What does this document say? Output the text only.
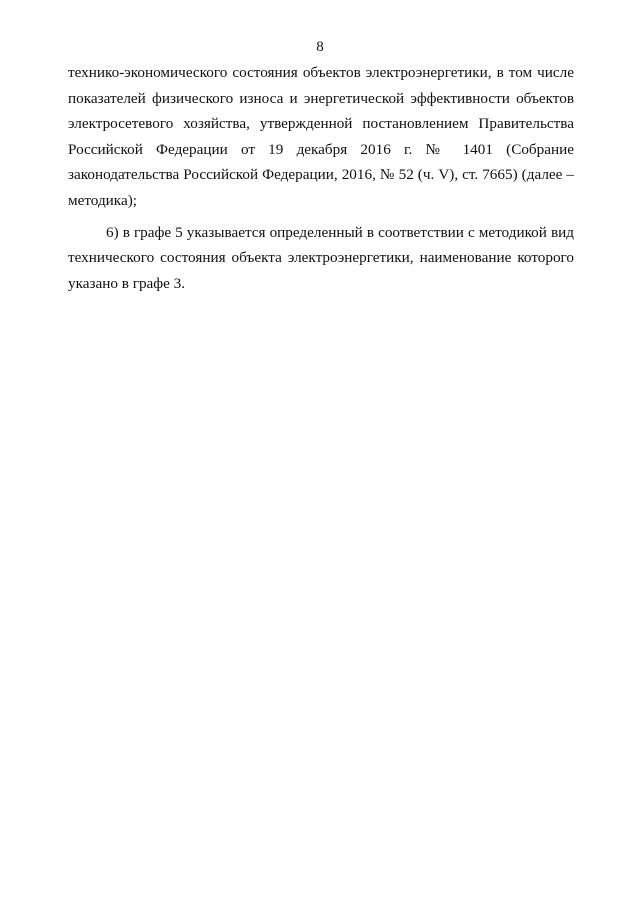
8

технико-экономического состояния объектов электроэнергетики, в том числе показателей физического износа и энергетической эффективности объектов электросетевого хозяйства, утвержденной постановлением Правительства Российской Федерации от 19 декабря 2016 г. № 1401 (Собрание законодательства Российской Федерации, 2016, № 52 (ч. V), ст. 7665) (далее – методика);

6) в графе 5 указывается определенный в соответствии с методикой вид технического состояния объекта электроэнергетики, наименование которого указано в графе 3.
